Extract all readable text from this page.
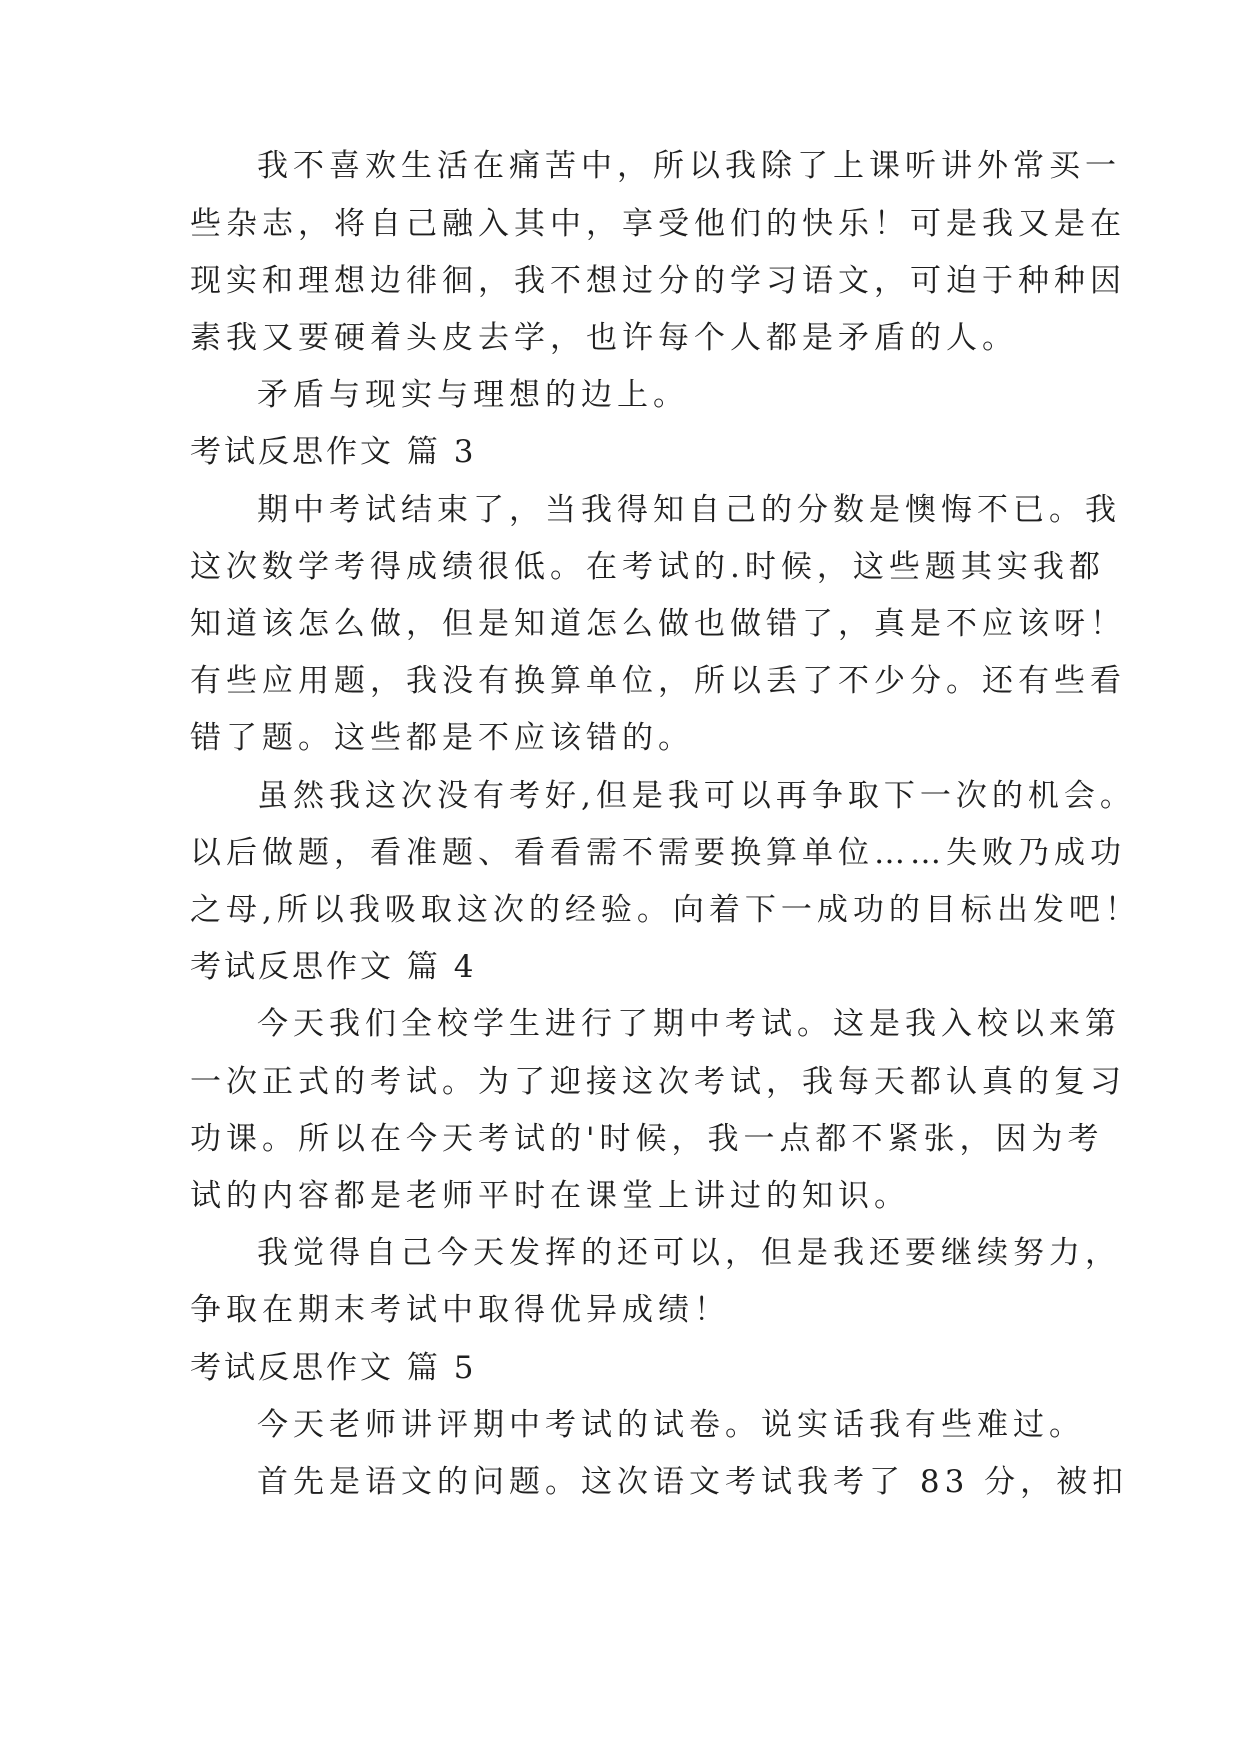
我不喜欢生活在痛苦中，所以我除了上课听讲外常买一
些杂志，将自己融入其中，享受他们的快乐！可是我又是在
现实和理想边徘徊，我不想过分的学习语文，可迫于种种因
素我又要硬着头皮去学，也许每个人都是矛盾的人。
矛盾与现实与理想的边上。
考试反思作文 篇 3
期中考试结束了，当我得知自己的分数是懊悔不已。我
这次数学考得成绩很低。在考试的.时候，这些题其实我都
知道该怎么做，但是知道怎么做也做错了，真是不应该呀！
有些应用题，我没有换算单位，所以丢了不少分。还有些看
错了题。这些都是不应该错的。
虽然我这次没有考好,但是我可以再争取下一次的机会。
以后做题，看准题、看看需不需要换算单位……失败乃成功
之母,所以我吸取这次的经验。向着下一成功的目标出发吧！
考试反思作文 篇 4
今天我们全校学生进行了期中考试。这是我入校以来第
一次正式的考试。为了迎接这次考试，我每天都认真的复习
功课。所以在今天考试的'时候，我一点都不紧张，因为考
试的内容都是老师平时在课堂上讲过的知识。
我觉得自己今天发挥的还可以，但是我还要继续努力，
争取在期末考试中取得优异成绩！
考试反思作文 篇 5
今天老师讲评期中考试的试卷。说实话我有些难过。
首先是语文的问题。这次语文考试我考了 83 分，被扣
